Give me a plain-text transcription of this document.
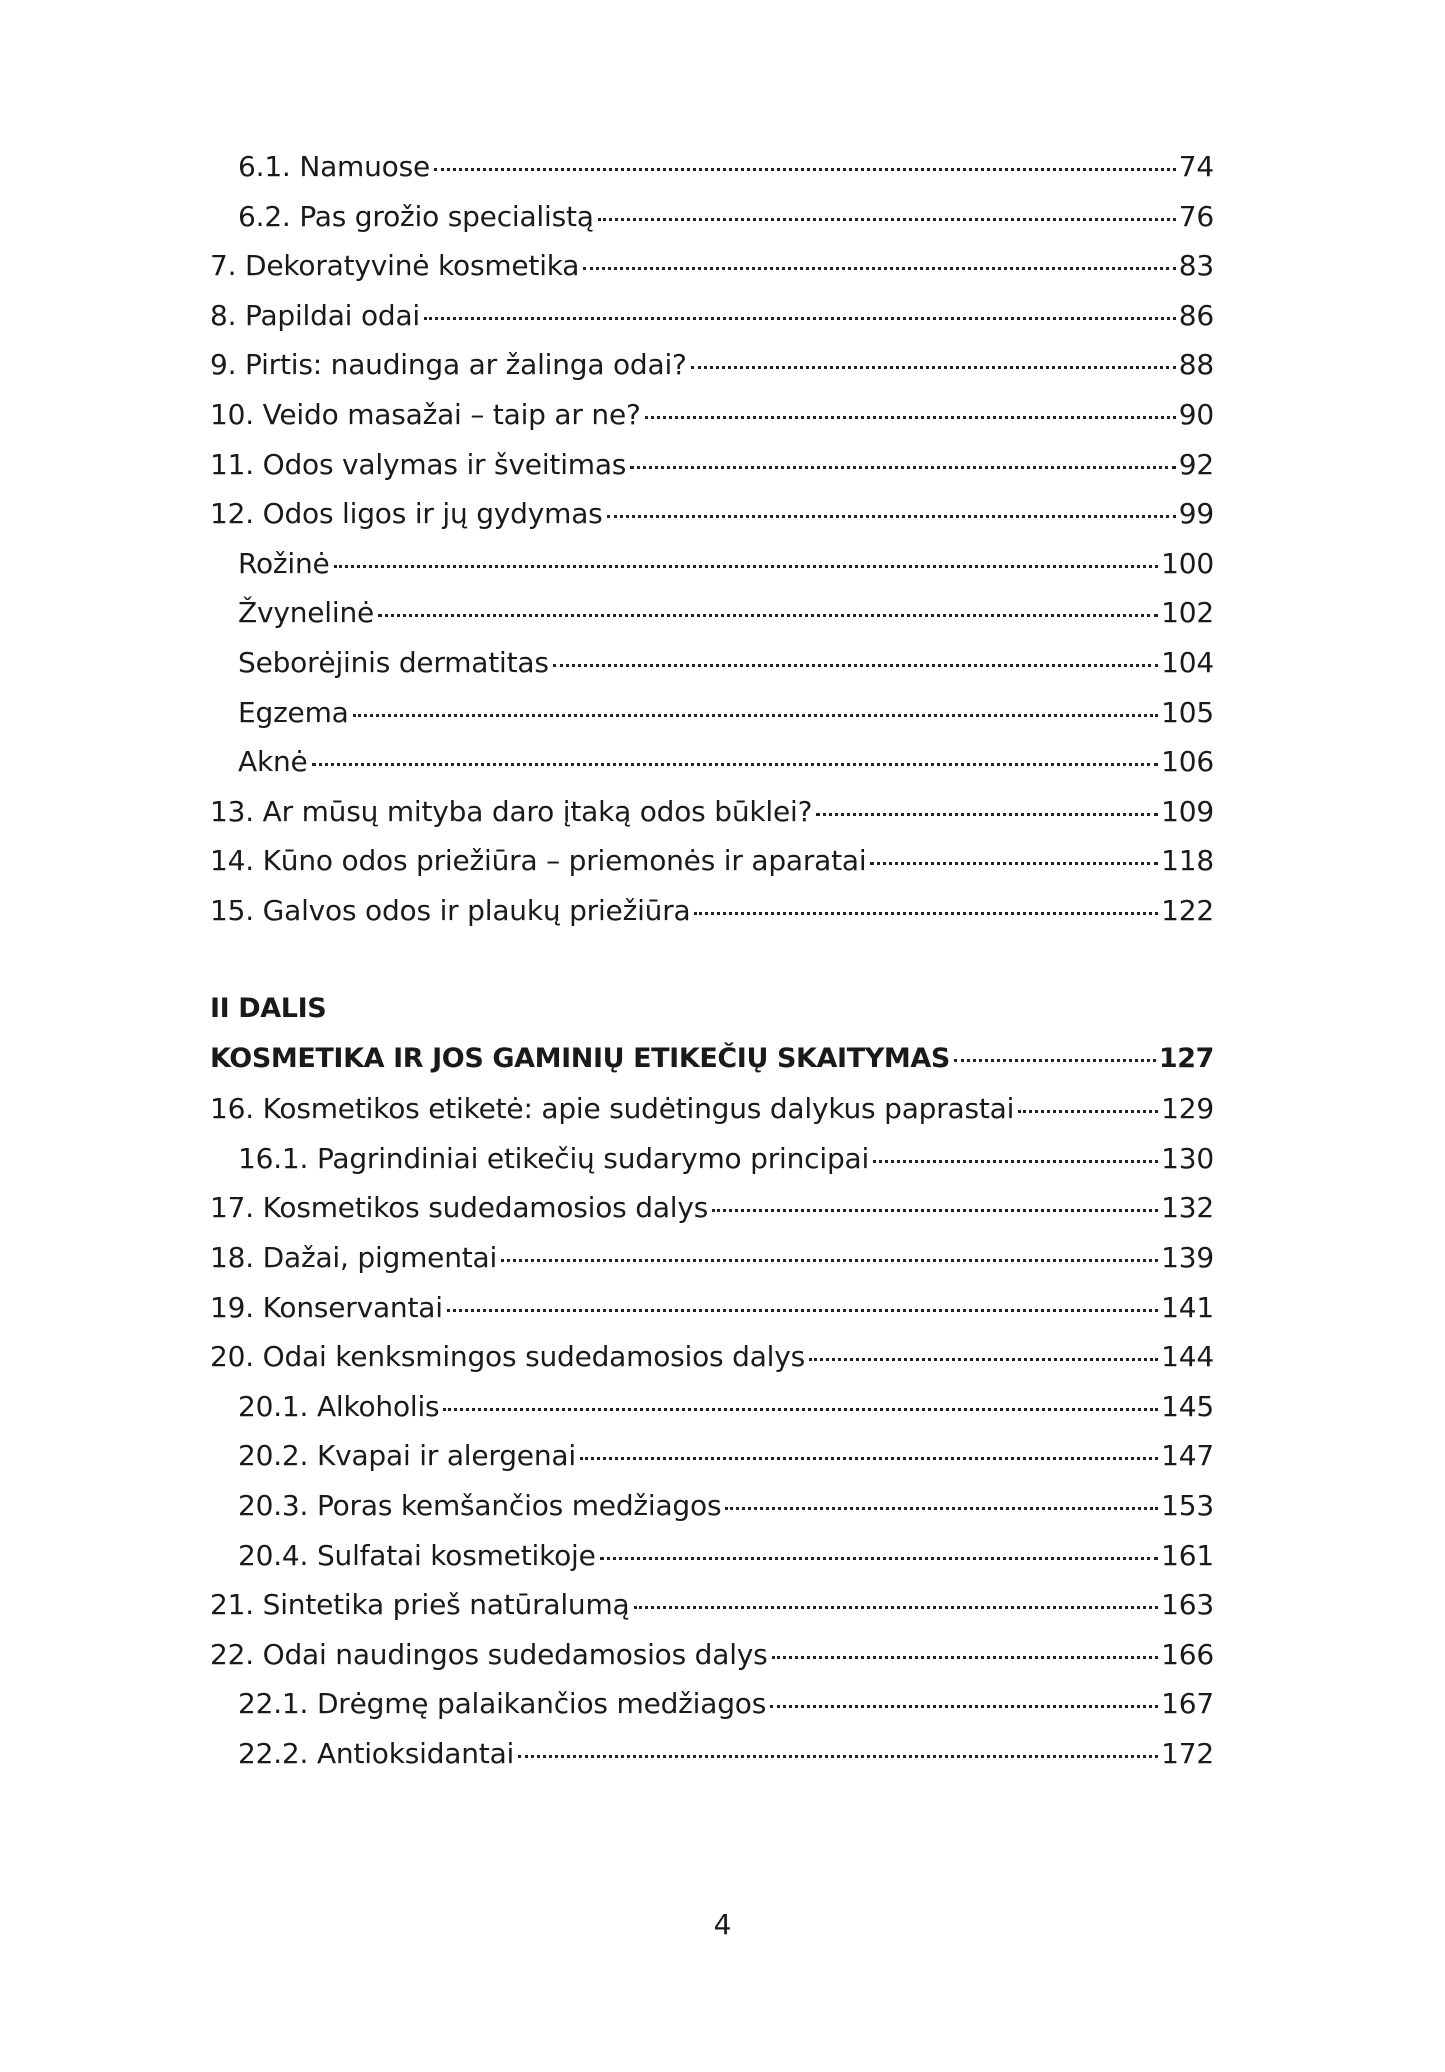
6.1. Namuose	74
6.2. Pas grožio specialistą	76
7. Dekoratyvinė kosmetika	83
8. Papildai odai	86
9. Pirtis: naudinga ar žalinga odai?	88
10. Veido masažai – taip ar ne?	90
11. Odos valymas ir šveitimas	92
12. Odos ligos ir jų gydymas	99
Rožinė	100
Žvynelinė	102
Seborėjinis dermatitas	104
Egzema	105
Aknė	106
13. Ar mūsų mityba daro įtaką odos būklei?	109
14. Kūno odos priežiūra – priemonės ir aparatai	118
15. Galvos odos ir plaukų priežiūra	122
II DALIS
KOSMETIKA IR JOS GAMINIŲ ETIKEČIŲ SKAITYMAS	127
16. Kosmetikos etiketė: apie sudėtingus dalykus paprastai	129
16.1. Pagrindiniai etikečių sudarymo principai	130
17. Kosmetikos sudedamosios dalys	132
18. Dažai, pigmentai	139
19. Konservantai	141
20. Odai kenksmingos sudedamosios dalys	144
20.1. Alkoholis	145
20.2. Kvapai ir alergenai	147
20.3. Poras kemšančios medžiagos	153
20.4. Sulfatai kosmetikoje	161
21. Sintetika prieš natūralumą	163
22. Odai naudingos sudedamosios dalys	166
22.1. Drėgmę palaikančios medžiagos	167
22.2. Antioksidantai	172
4
